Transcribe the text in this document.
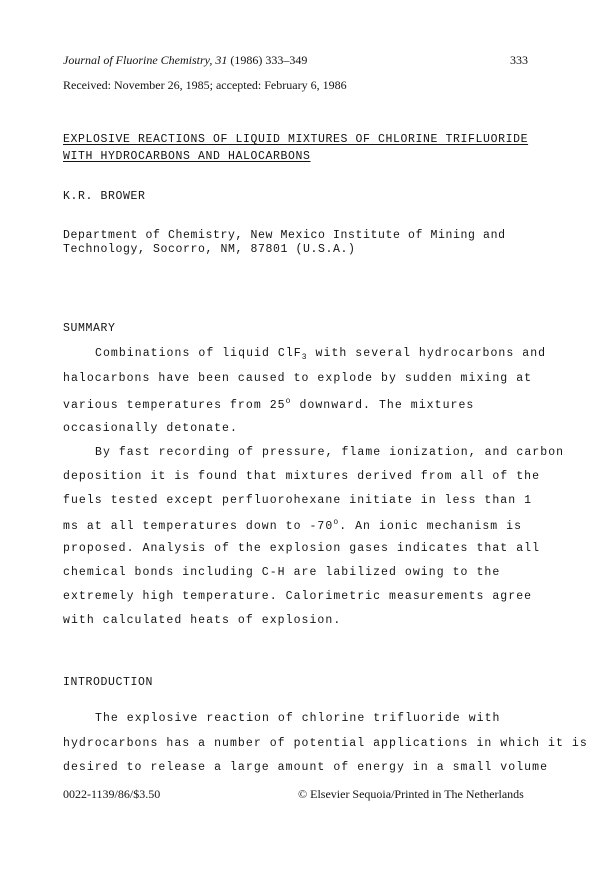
Journal of Fluorine Chemistry, 31 (1986) 333–349	333
Received: November 26, 1985; accepted: February 6, 1986
EXPLOSIVE REACTIONS OF LIQUID MIXTURES OF CHLORINE TRIFLUORIDE
WITH HYDROCARBONS AND HALOCARBONS
K.R. BROWER
Department of Chemistry, New Mexico Institute of Mining and
Technology, Socorro, NM, 87801 (U.S.A.)
SUMMARY
Combinations of liquid ClF$_3$ with several hydrocarbons and
halocarbons have been caused to explode by sudden mixing at
various temperatures from 25$^o$ downward. The mixtures
occasionally detonate.
By fast recording of pressure, flame ionization, and carbon
deposition it is found that mixtures derived from all of the
fuels tested except perfluorohexane initiate in less than 1
ms at all temperatures down to -70$^o$. An ionic mechanism is
proposed. Analysis of the explosion gases indicates that all
chemical bonds including C-H are labilized owing to the
extremely high temperature. Calorimetric measurements agree
with calculated heats of explosion.
INTRODUCTION
The explosive reaction of chlorine trifluoride with
hydrocarbons has a number of potential applications in which it is
desired to release a large amount of energy in a small volume
0022-1139/86/$3.50	© Elsevier Sequoia/Printed in The Netherlands
